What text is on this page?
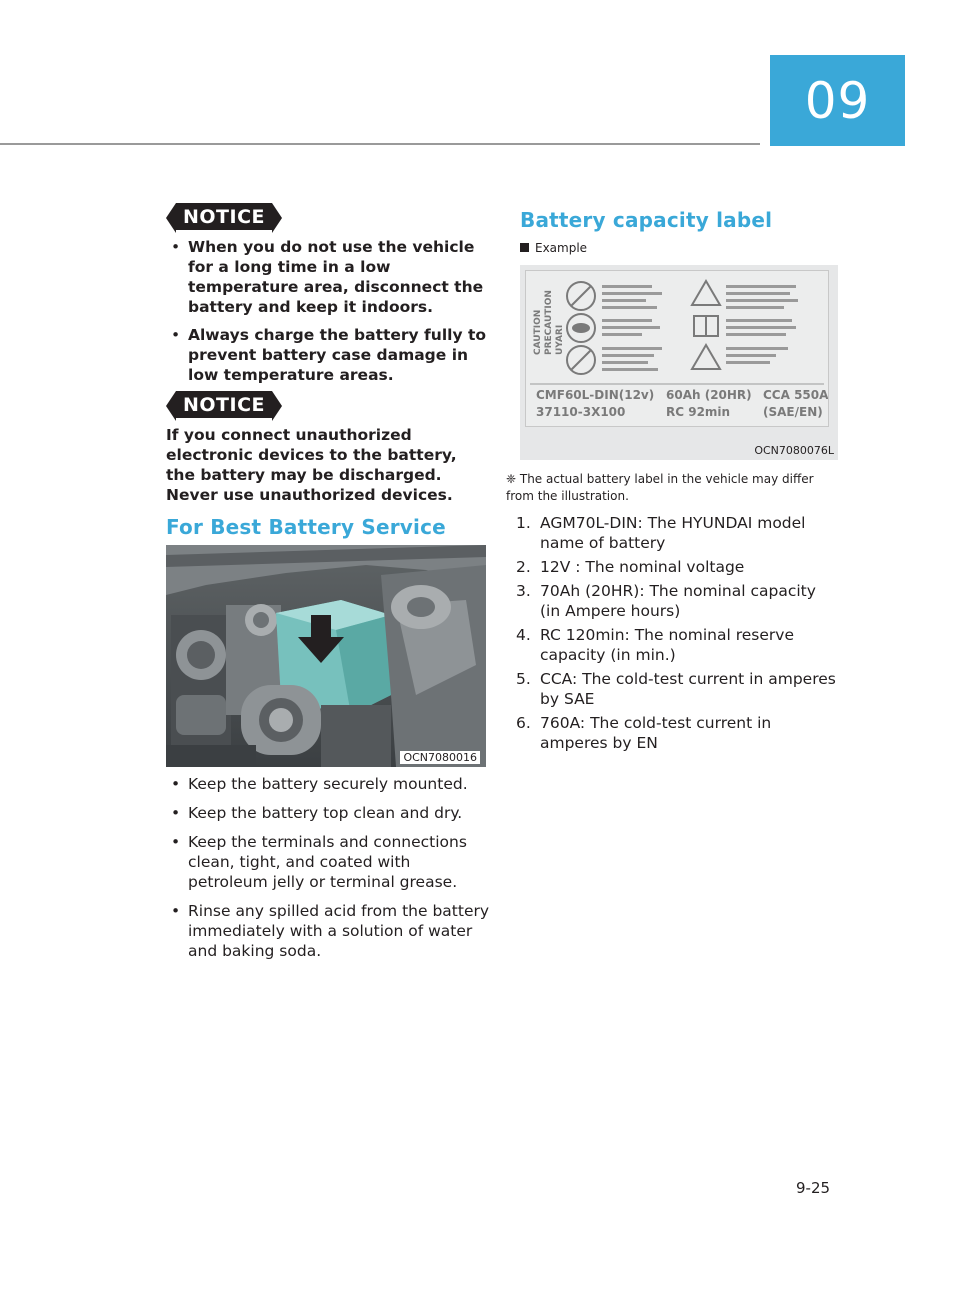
09
NOTICE
• When you do not use the vehicle for a long time in a low temperature area, disconnect the battery and keep it indoors.
• Always charge the battery fully to prevent battery case damage in low temperature areas.
NOTICE

If you connect unauthorized electronic devices to the battery, the battery may be discharged. Never use unauthorized devices.

For Best Battery Service
OCN7080016
• Keep the battery securely mounted.
• Keep the battery top clean and dry.
• Keep the terminals and connections clean, tight, and coated with petroleum jelly or terminal grease.
• Rinse any spilled acid from the battery immediately with a solution of water and baking soda.
Battery capacity label
Example
OCN7080076L
CAUTION PRECAUTION UYARI
CMF60L-DIN(12v)
37110-3X100
60Ah (20HR)
RC 92min
CCA 550A
(SAE/EN)

❈ The actual battery label in the vehicle may differ from the illustration.

1. AGM70L-DIN: The HYUNDAI model name of battery
2. 12V : The nominal voltage
3. 70Ah (20HR): The nominal capacity (in Ampere hours)
4. RC 120min: The nominal reserve capacity (in min.)
5. CCA: The cold-test current in amperes by SAE
6. 760A: The cold-test current in amperes by EN
9-25
